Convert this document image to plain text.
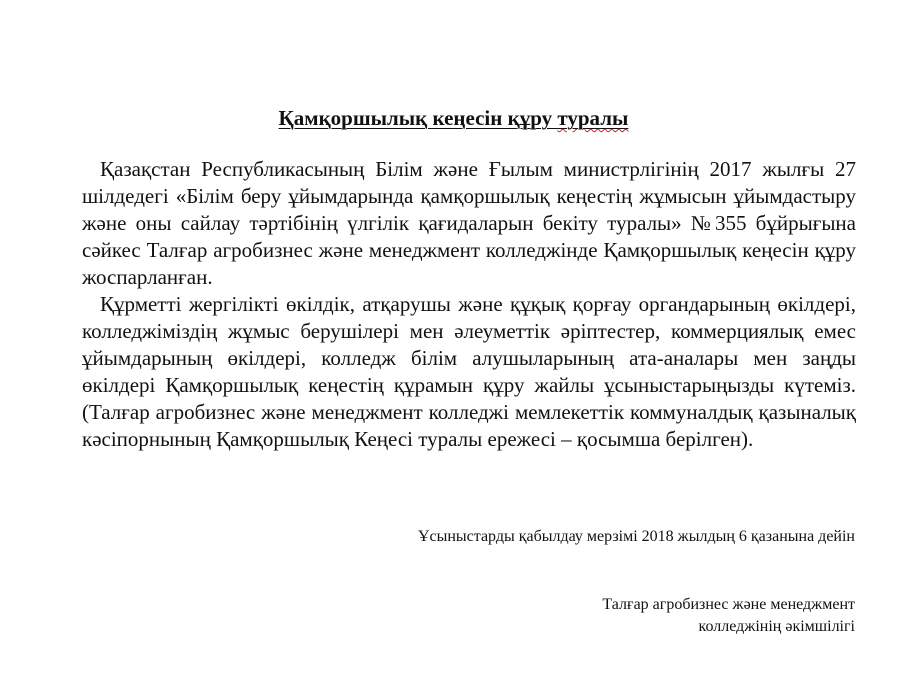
Қамқоршылық кеңесін құру туралы

Қазақстан Республикасының Білім және Ғылым министрлігінің 2017 жылғы 27 шілдедегі «Білім беру ұйымдарында қамқоршылық кеңестің жұмысын ұйымдастыру және оны сайлау тәртібінің үлгілік қағидаларын бекіту туралы» №355 бұйрығына сәйкес Талғар агробизнес және менеджмент колледжінде Қамқоршылық кеңесін құру жоспарланған.

Құрметті жергілікті өкілдік, атқарушы және құқық қорғау органдарының өкілдері, колледжіміздің жұмыс берушілері мен әлеуметтік әріптестер, коммерциялық емес ұйымдарының өкілдері, колледж білім алушыларының ата-аналары мен заңды өкілдері Қамқоршылық кеңестің құрамын құру жайлы ұсыныстарыңызды күтеміз. (Талғар агробизнес және менеджмент колледжі мемлекеттік коммуналдық қазыналық кәсіпорнының Қамқоршылық Кеңесі туралы ережесі – қосымша берілген).

Ұсыныстарды қабылдау мерзімі 2018 жылдың 6 қазанына дейін
Талғар агробизнес және менеджмент
колледжінің әкімшілігі
